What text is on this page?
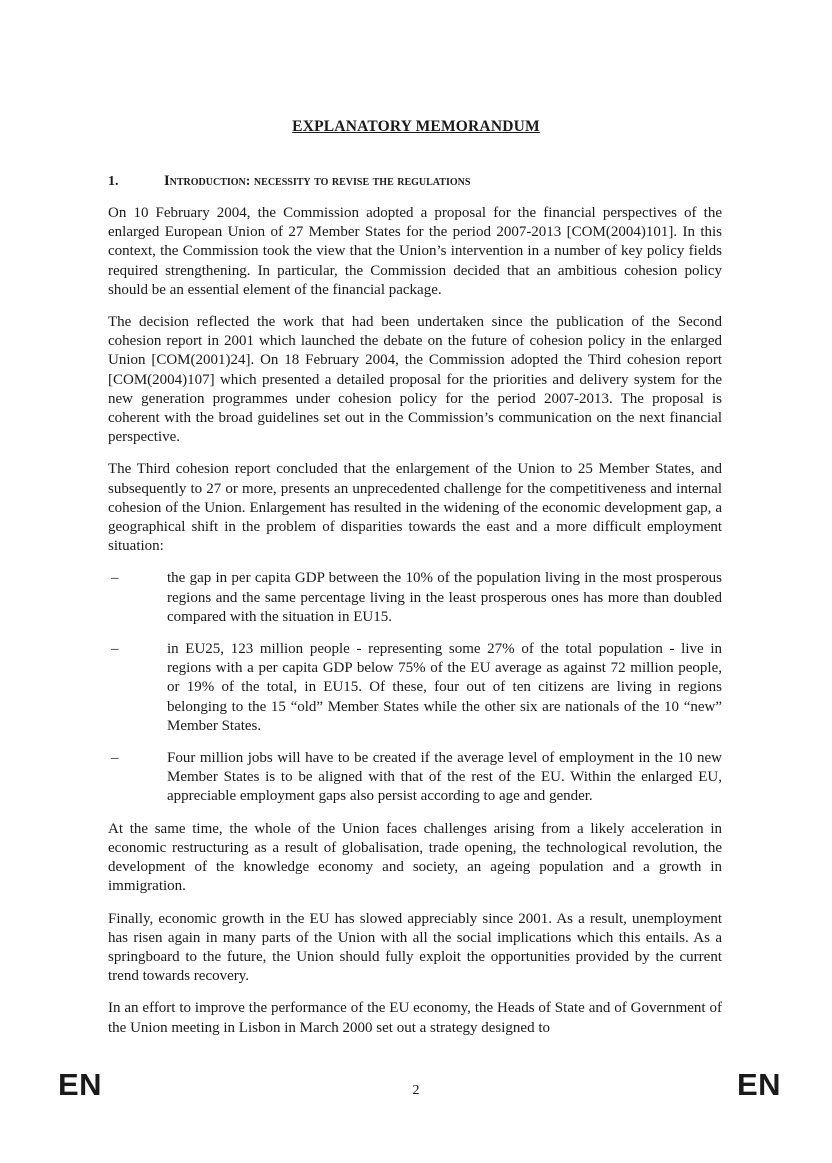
EXPLANATORY MEMORANDUM
1.	Introduction: necessity to revise the regulations

On 10 February 2004, the Commission adopted a proposal for the financial perspectives of the enlarged European Union of 27 Member States for the period 2007-2013 [COM(2004)101]. In this context, the Commission took the view that the Union’s intervention in a number of key policy fields required strengthening. In particular, the Commission decided that an ambitious cohesion policy should be an essential element of the financial package.

The decision reflected the work that had been undertaken since the publication of the Second cohesion report in 2001 which launched the debate on the future of cohesion policy in the enlarged Union [COM(2001)24]. On 18 February 2004, the Commission adopted the Third cohesion report [COM(2004)107] which presented a detailed proposal for the priorities and delivery system for the new generation programmes under cohesion policy for the period 2007-2013. The proposal is coherent with the broad guidelines set out in the Commission’s communication on the next financial perspective.

The Third cohesion report concluded that the enlargement of the Union to 25 Member States, and subsequently to 27 or more, presents an unprecedented challenge for the competitiveness and internal cohesion of the Union. Enlargement has resulted in the widening of the economic development gap, a geographical shift in the problem of disparities towards the east and a more difficult employment situation:

–	the gap in per capita GDP between the 10% of the population living in the most prosperous regions and the same percentage living in the least prosperous ones has more than doubled compared with the situation in EU15.
–	in EU25, 123 million people - representing some 27% of the total population - live in regions with a per capita GDP below 75% of the EU average as against 72 million people, or 19% of the total, in EU15. Of these, four out of ten citizens are living in regions belonging to the 15 “old” Member States while the other six are nationals of the 10 “new” Member States.
–	Four million jobs will have to be created if the average level of employment in the 10 new Member States is to be aligned with that of the rest of the EU. Within the enlarged EU, appreciable employment gaps also persist according to age and gender.

At the same time, the whole of the Union faces challenges arising from a likely acceleration in economic restructuring as a result of globalisation, trade opening, the technological revolution, the development of the knowledge economy and society, an ageing population and a growth in immigration.

Finally, economic growth in the EU has slowed appreciably since 2001. As a result, unemployment has risen again in many parts of the Union with all the social implications which this entails. As a springboard to the future, the Union should fully exploit the opportunities provided by the current trend towards recovery.

In an effort to improve the performance of the EU economy, the Heads of State and of Government of the Union meeting in Lisbon in March 2000 set out a strategy designed to

EN	2	EN
